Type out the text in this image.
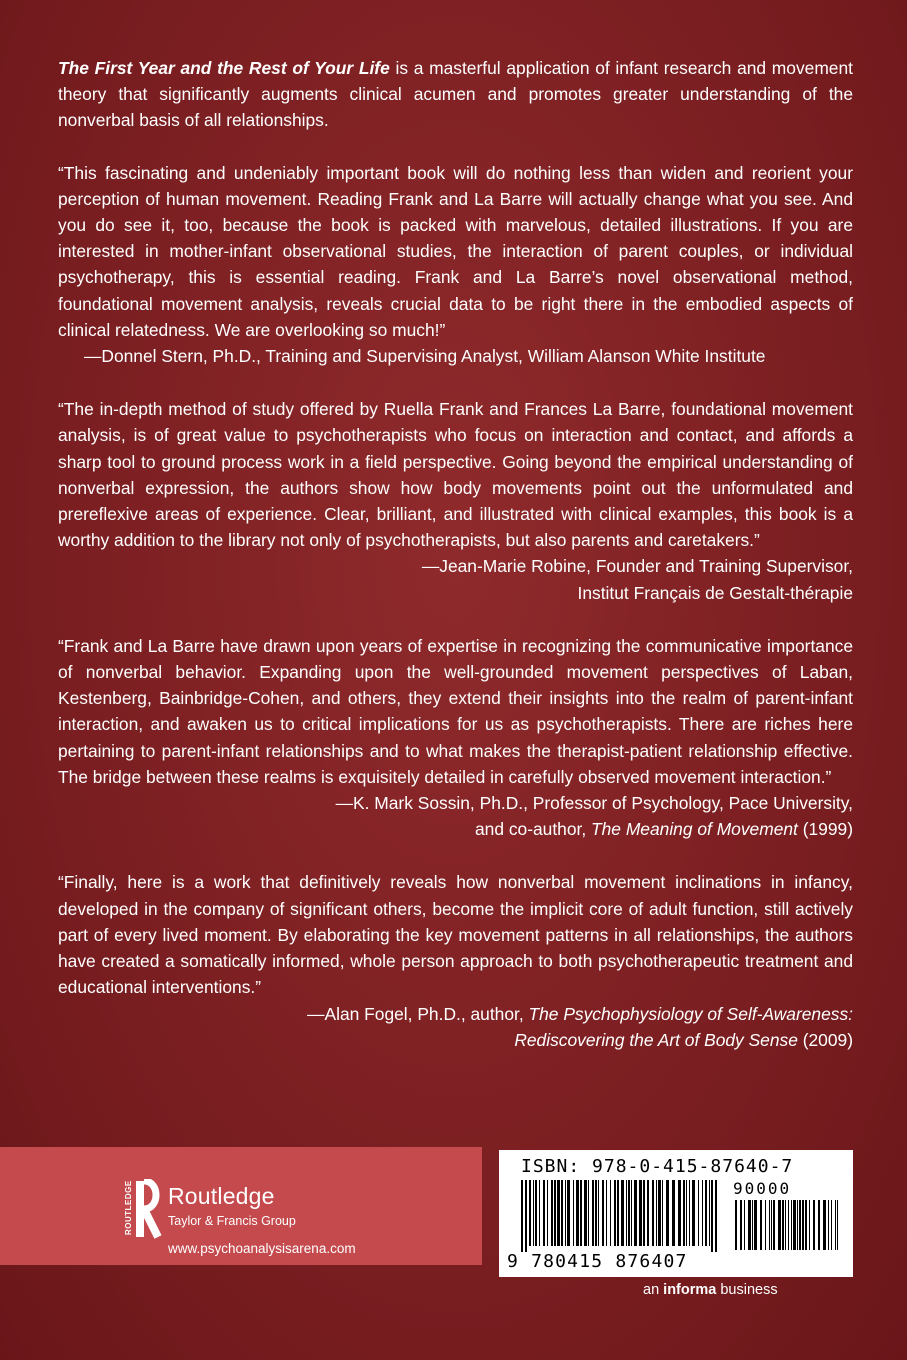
The First Year and the Rest of Your Life is a masterful application of infant research and movement theory that significantly augments clinical acumen and promotes greater understanding of the nonverbal basis of all relationships.

“This fascinating and undeniably important book will do nothing less than widen and reorient your perception of human movement. Reading Frank and La Barre will actually change what you see. And you do see it, too, because the book is packed with marvelous, detailed illustrations. If you are interested in mother-infant observational studies, the interaction of parent couples, or individual psychotherapy, this is essential reading. Frank and La Barre’s novel observational method, foundational movement analysis, reveals crucial data to be right there in the embodied aspects of clinical relatedness. We are overlooking so much!”

—Donnel Stern, Ph.D., Training and Supervising Analyst, William Alanson White Institute

“The in-depth method of study offered by Ruella Frank and Frances La Barre, foundational movement analysis, is of great value to psychotherapists who focus on interaction and contact, and affords a sharp tool to ground process work in a field perspective. Going beyond the empirical understanding of nonverbal expression, the authors show how body movements point out the unformulated and prereflexive areas of experience. Clear, brilliant, and illustrated with clinical examples, this book is a worthy addition to the library not only of psychotherapists, but also parents and caretakers.”

—Jean-Marie Robine, Founder and Training Supervisor,
Institut Français de Gestalt-thérapie

“Frank and La Barre have drawn upon years of expertise in recognizing the communicative importance of nonverbal behavior. Expanding upon the well-grounded movement perspectives of Laban, Kestenberg, Bainbridge-Cohen, and others, they extend their insights into the realm of parent-infant interaction, and awaken us to critical implications for us as psychotherapists. There are riches here pertaining to parent-infant relationships and to what makes the therapist-patient relationship effective. The bridge between these realms is exquisitely detailed in carefully observed movement interaction.”

—K. Mark Sossin, Ph.D., Professor of Psychology, Pace University,
and co-author, The Meaning of Movement (1999)

“Finally, here is a work that definitively reveals how nonverbal movement inclinations in infancy, developed in the company of significant others, become the implicit core of adult function, still actively part of every lived moment. By elaborating the key movement patterns in all relationships, the authors have created a somatically informed, whole person approach to both psychotherapeutic treatment and educational interventions.”

—Alan Fogel, Ph.D., author, The Psychophysiology of Self-Awareness:
Rediscovering the Art of Body Sense (2009)

ROUTLEDGE Routledge
Taylor & Francis Group
www.psychoanalysisarena.com
ISBN: 978-0-415-87640-7
90000
9 780415 876407
an informa business
